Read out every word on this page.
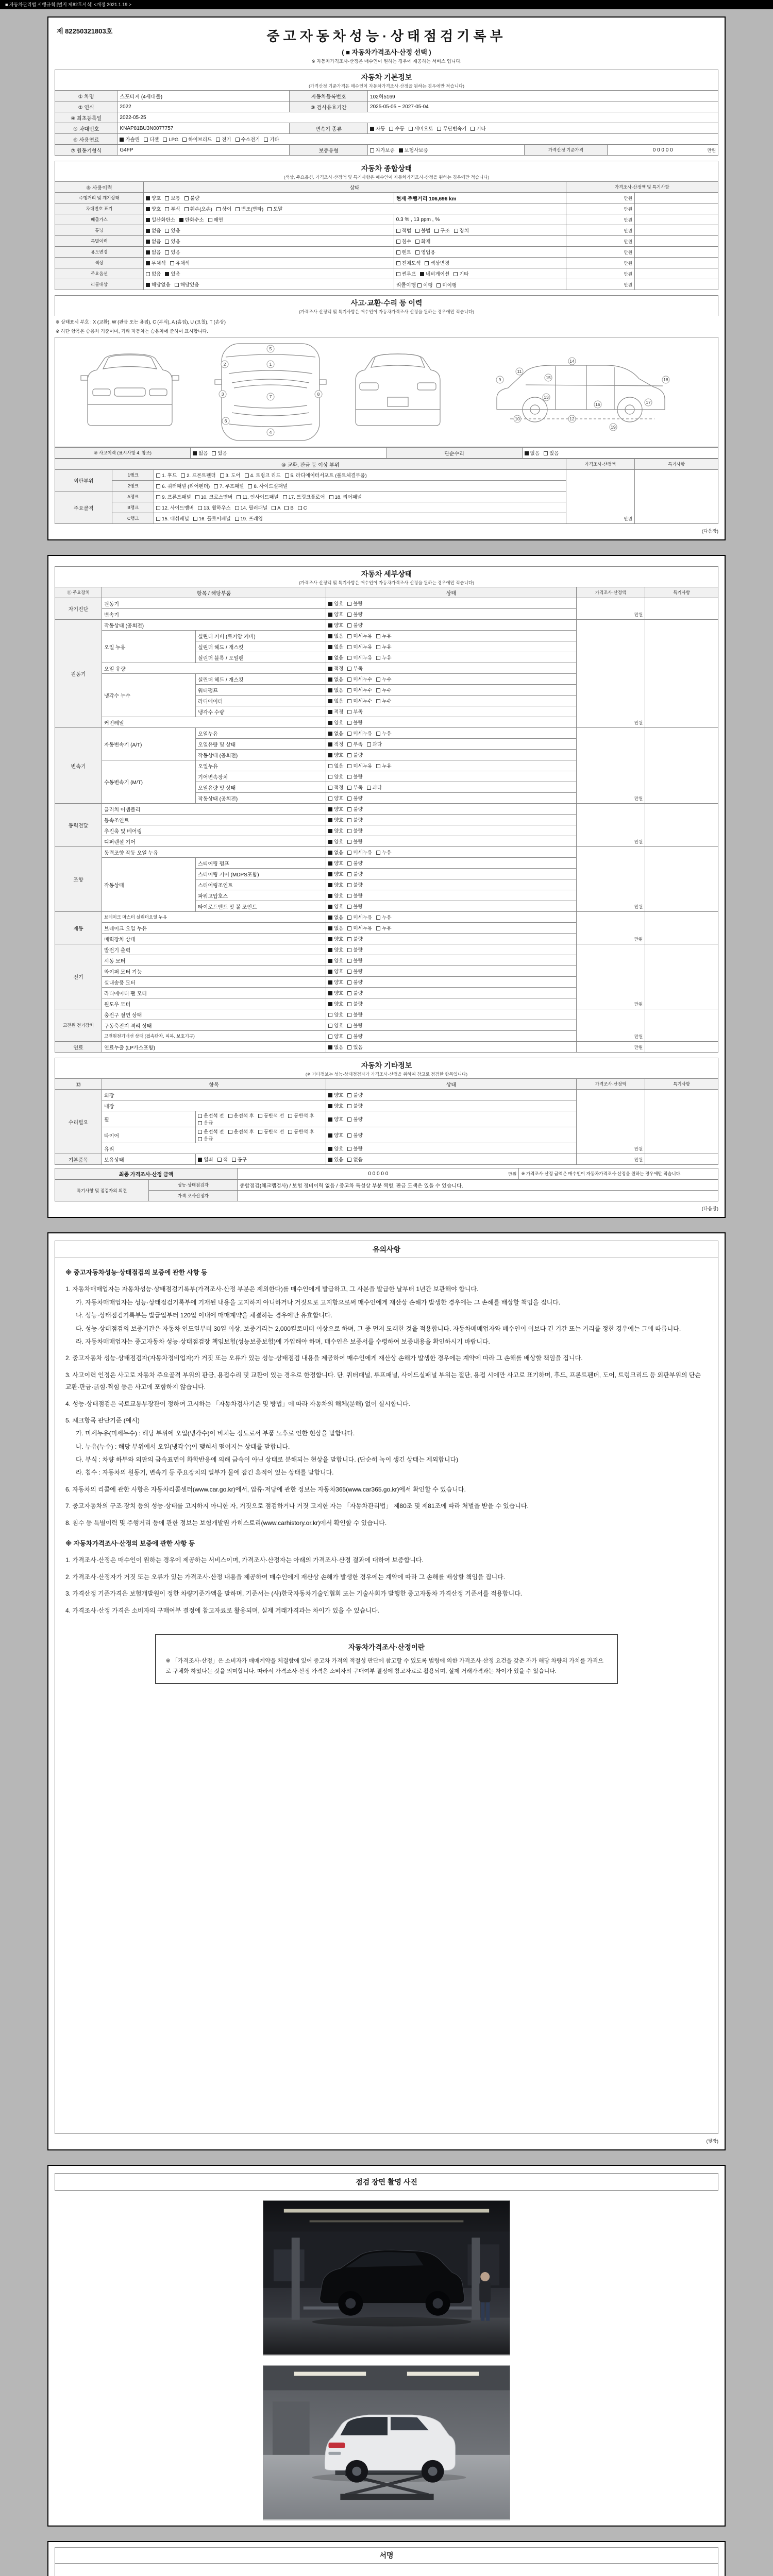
■ 자동차관리법 시행규칙 [별지 제82호서식] <개정 2021.1.19.>
제 82250321803호	중고자동차성능·상태점검기록부
( ■ 자동차가격조사·산정 선택 )
※ 자동차가격조사·산정은 매수인이 원하는 경우에 제공하는 서비스 입니다.
자동차 기본정보
(가격산정 기준가격은 매수인이 자동차가격조사·산정을 원하는 경우에만 적습니다)
① 차명	스포티지 (4세대불)	자동차등록번호	102허5169		
② 연식	2022	③ 검사유효기간	2025-05-05 ~ 2027-05-04		
④ 최초등록일	2022-05-25				
⑤ 차대번호	KNAP81BU3N0077757	변속기 종류	자동 수동 세미오토 무단변속기 기타		
⑥ 사용연료	가솔린 디젤 LPG 하이브리드 전기 수소전기 기타				
⑦ 원동기형식	G4FP	보증유형	자가보증 보험사보증	가격산정 기준가격	0 0 0 0 0 만원
자동차 종합상태
(색상, 주요옵션, 가격조사·산정액 및 특기사항은 매수인이 자동차가격조사·산정을 원하는 경우에만 적습니다)
⑧ 사용이력	상태		가격조사·산정액 및 특기사항	
주행거리 및 계기상태	양호 보통 불량	현재 주행거리 106,696 km	만원	

차대번호 표기	양호 부식 훼손(오손) 상이 변조(변타) 도말		만원	

배출가스	일산화탄소 탄화수소 매연	0.3 % , 13 ppm , %	만원	

튜닝	없음 있음	적법 불법 구조 장치	만원	

특별이력	없음 있음	침수 화재	만원	

용도변경	없음 있음	렌트 영업용	만원	

색상	무채색 유채색	전체도색 색상변경	만원	

주요옵션	없음 있음	썬루프 네비게이션 기타	만원	

리콜대상	해당없음 해당있음	리콜이행 이행 미이행	만원	

사고·교환·수리 등 이력
(가격조사·산정액 및 특기사항은 매수인이 자동차가격조사·산정을 원하는 경우에만 적습니다)
※ 상태표시 부호 : X (교환), W (판금 또는 용접), C (부식), A (흠집), U (요철), T (손상)
※ 하단 항목은 승용차 기준이며, 기타 자동차는 승용차에 준하여 표시합니다.
5
1
7
4
2
3
6
8
9
10
11
12
13
14
15
16	17
18
19
⑨ 사고이력 (표시사항 4. 참조)	없음 있음	단순수리	없음 있음
⑩ 교환, 판금 등 이상 부위			가격조사·산정액	특기사항
외판부위	1랭크	1. 후드 2. 프론트펜더 3. 도어 4. 트렁크 리드 5. 라디에이터서포트 (볼트체결부품)	만원	

	2랭크	6. 쿼터패널 (리어펜더) 7. 루프패널 8. 사이드실패널		
주요골격	A랭크	9. 프론트패널 10. 크로스멤버 11. 인사이드패널 17. 트렁크플로어 18. 리어패널		
	B랭크	12. 사이드멤버 13. 휠하우스 14. 필러패널 A B C		
	C랭크	15. 대쉬패널 16. 플로어패널 19. 프레임		
(다음장)
자동차 세부상태
(가격조사·산정액 및 특기사항은 매수인이 자동차가격조사·산정을 원하는 경우에만 적습니다)
⑪ 주요장치	항목 / 해당부품		상태	가격조사·산정액	특기사항
자기진단	원동기		양호 불량	만원	

	변속기		양호 불량		
원동기	작동상태 (공회전)		양호 불량	만원	

	오일 누유	실린더 커버 (로커암 커버)	없음 미세누유 누유		
		실린더 헤드 / 개스킷	없음 미세누유 누유		
		실린더 블록 / 오일팬	없음 미세누유 누유		
	오일 유량		적정 부족		
	냉각수 누수	실린더 헤드 / 개스킷	없음 미세누수 누수		
		워터펌프	없음 미세누수 누수		
		라디에이터	없음 미세누수 누수		
		냉각수 수량	적정 부족		
	커먼레일		양호 불량		
변속기	자동변속기 (A/T)	오일누유	없음 미세누유 누유	만원	

		오일유량 및 상태	적정 부족 과다		
		작동상태 (공회전)	양호 불량		
	수동변속기 (M/T)	오일누유	없음 미세누유 누유		
		기어변속장치	양호 불량		
		오일유량 및 상태	적정 부족 과다		
		작동상태 (공회전)	양호 불량		
동력전달	클러치 어셈블리		양호 불량	만원	

	등속조인트		양호 불량		
	추진축 및 베어링		양호 불량		
	디퍼렌셜 기어		양호 불량		
조향	동력조향 작동 오일 누유		없음 미세누유 누유	만원	

	작동상태	스티어링 펌프	양호 불량		
		스티어링 기어 (MDPS포함)	양호 불량		
		스티어링조인트	양호 불량		
		파워고압호스	양호 불량		
		타이로드엔드 및 볼 조인트	양호 불량		
제동	브레이크 마스터 실린더오일 누유		없음 미세누유 누유	만원	

	브레이크 오일 누유		없음 미세누유 누유		
	배력장치 상태		양호 불량		
전기	발전기 출력		양호 불량	만원	

	시동 모터		양호 불량		
	와이퍼 모터 기능		양호 불량		
	실내송풍 모터		양호 불량		
	라디에이터 팬 모터		양호 불량		
	윈도우 모터		양호 불량		
고전원 전기장치	충전구 절연 상태		양호 불량	만원	

	구동축전지 격리 상태		양호 불량		
	고전원전기배선 상태 (접속단자, 피복, 보호기구)		양호 불량		
연료	연료누출 (LP가스포함)		없음 있음	만원	

자동차 기타정보
(※ 기타정보는 성능·상태점검자가 가격조사·산정을 위하여 참고로 점검한 항목입니다)
⑫	항목		상태	가격조사·산정액	특기사항
수리필요	외장		양호 불량	만원	

	내장		양호 불량		
	휠	운전석 전 운전석 후 동반석 전 동반석 후응급	양호 불량		
	타이어	운전석 전 운전석 후 동반석 전 동반석 후응급	양호 불량		
	유리		양호 불량		
기본품목	보유상태	열쇠 잭 공구	있음 없음	만원	

최종 가격조사·산정 금액	0 0 0 0 0	만원	※ 가격조사·산정 금액은 매수인이 자동차가격조사·산정을 원하는 경우에만 적습니다.
특기사항 및 점검자의 의견	성능·상태점검자	종합점검(체크랩검사) / 보험 정비이력 없음 / 중고차 특성상 부분 찍힘, 판금 도색은 있을 수 있습니다.
	가격·조사산정자	
(다음장)
유의사항
※ 중고자동차성능·상태점검의 보증에 관한 사항 등
1. 자동차매매업자는 자동차성능·상태점검기록부(가격조사·산정 부분은 제외한다)를 매수인에게 발급하고, 그 사본을 발급한 날부터 1년간 보관해야 합니다.
가. 자동차매매업자는 성능·상태점검기록부에 기재된 내용을 고지하지 아니하거나 거짓으로 고지함으로써 매수인에게 재산상 손해가 발생한 경우에는 그 손해를 배상할 책임을 집니다.
나. 성능·상태점검기록부는 발급일부터 120일 이내에 매매계약을 체결하는 경우에만 유효합니다.
다. 성능·상태점검의 보증기간은 자동차 인도일부터 30일 이상, 보증거리는 2,000킬로미터 이상으로 하며, 그 중 먼저 도래한 것을 적용합니다. 자동차매매업자와 매수인이 이보다 긴 기간 또는 거리를 정한 경우에는 그에 따릅니다.
라. 자동차매매업자는 중고자동차 성능·상태점검장 책임보험(성능보증보험)에 가입해야 하며, 매수인은 보증서를 수령하여 보증내용을 확인하시기 바랍니다.
2. 중고자동차 성능·상태점검자(자동차정비업자)가 거짓 또는 오류가 있는 성능·상태점검 내용을 제공하여 매수인에게 재산상 손해가 발생한 경우에는 계약에 따라 그 손해를 배상할 책임을 집니다.
3. 사고이력 인정은 사고로 자동차 주요골격 부위의 판금, 용접수리 및 교환이 있는 경우로 한정합니다. 단, 쿼터패널, 루프패널, 사이드실패널 부위는 절단, 용접 시에만 사고로 표기하며, 후드, 프론트펜더, 도어, 트렁크리드 등 외판부위의 단순 교환·판금·긁힘·찍힘 등은 사고에 포함하지 않습니다.
4. 성능·상태점검은 국토교통부장관이 정하여 고시하는 「자동차검사기준 및 방법」에 따라 자동차의 해체(분해) 없이 실시합니다.
5. 체크항목 판단기준 (예시)
가. 미세누유(미세누수) : 해당 부위에 오일(냉각수)이 비치는 정도로서 부품 노후로 인한 현상을 말합니다.
나. 누유(누수) : 해당 부위에서 오일(냉각수)이 맺혀서 떨어지는 상태를 말합니다.
다. 부식 : 차량 하부와 외판의 금속표면이 화학반응에 의해 금속이 아닌 상태로 분해되는 현상을 말합니다. (단순히 녹이 생긴 상태는 제외합니다)
라. 침수 : 자동차의 원동기, 변속기 등 주요장치의 일부가 물에 잠긴 흔적이 있는 상태를 말합니다.
6. 자동차의 리콜에 관한 사항은 자동차리콜센터(www.car.go.kr)에서, 압류·저당에 관한 정보는 자동차365(www.car365.go.kr)에서 확인할 수 있습니다.
7. 중고자동차의 구조·장치 등의 성능·상태를 고지하지 아니한 자, 거짓으로 점검하거나 거짓 고지한 자는 「자동차관리법」 제80조 및 제81조에 따라 처벌을 받을 수 있습니다.
8. 침수 등 특별이력 및 주행거리 등에 관한 정보는 보험개발원 카히스토리(www.carhistory.or.kr)에서 확인할 수 있습니다.
※ 자동차가격조사·산정의 보증에 관한 사항 등
1. 가격조사·산정은 매수인이 원하는 경우에 제공하는 서비스이며, 가격조사·산정자는 아래의 가격조사·산정 결과에 대하여 보증합니다.
2. 가격조사·산정자가 거짓 또는 오류가 있는 가격조사·산정 내용을 제공하여 매수인에게 재산상 손해가 발생한 경우에는 계약에 따라 그 손해를 배상할 책임을 집니다.
3. 가격산정 기준가격은 보험개발원이 정한 차량기준가액을 말하며, 기준서는 (사)한국자동차기술인협회 또는 기술사회가 발행한 중고자동차 가격산정 기준서를 적용합니다.
4. 가격조사·산정 가격은 소비자의 구매여부 결정에 참고자료로 활용되며, 실제 거래가격과는 차이가 있을 수 있습니다.
자동차가격조사·산정이란
※ 「가격조사·산정」은 소비자가 매매계약을 체결함에 있어 중고차 가격의 적절성 판단에 참고할 수 있도록 법령에 의한 가격조사·산정 요건을 갖춘 자가 해당 차량의 가치를 가격으로 구체화 하였다는 것을 의미합니다. 따라서 가격조사·산정 가격은 소비자의 구매여부 결정에 참고자료로 활용되며, 실제 거래가격과는 차이가 있을 수 있습니다.
(뒷장)
점검 장면 촬영 사진
서명
